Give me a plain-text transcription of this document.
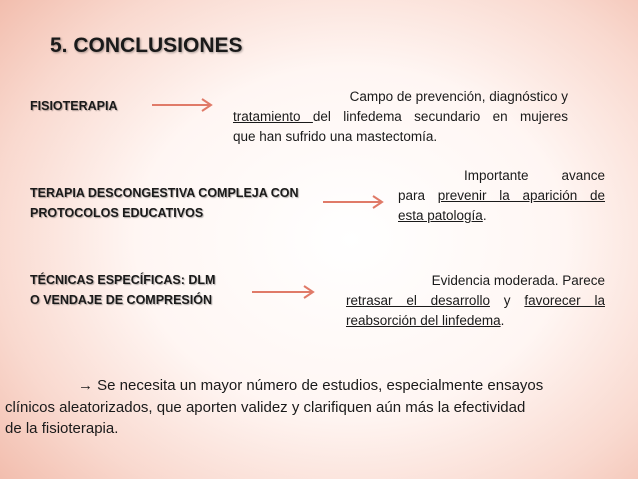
5. CONCLUSIONES
FISIOTERAPIA
Campo de prevención, diagnóstico y
tratamiento del linfedema secundario en mujeres
que han sufrido una mastectomía.
TERAPIA DESCONGESTIVA COMPLEJA CON
PROTOCOLOS EDUCATIVOS
Importante avance
para prevenir la aparición de
esta patología.
TÉCNICAS ESPECÍFICAS: DLM
O VENDAJE DE COMPRESIÓN
Evidencia moderada. Parece
retrasar el desarrollo y favorecer la
reabsorción del linfedema.
→ Se necesita un mayor número de estudios, especialmente ensayos
clínicos aleatorizados, que aporten validez y clarifiquen aún más la efectividad
de la fisioterapia.
